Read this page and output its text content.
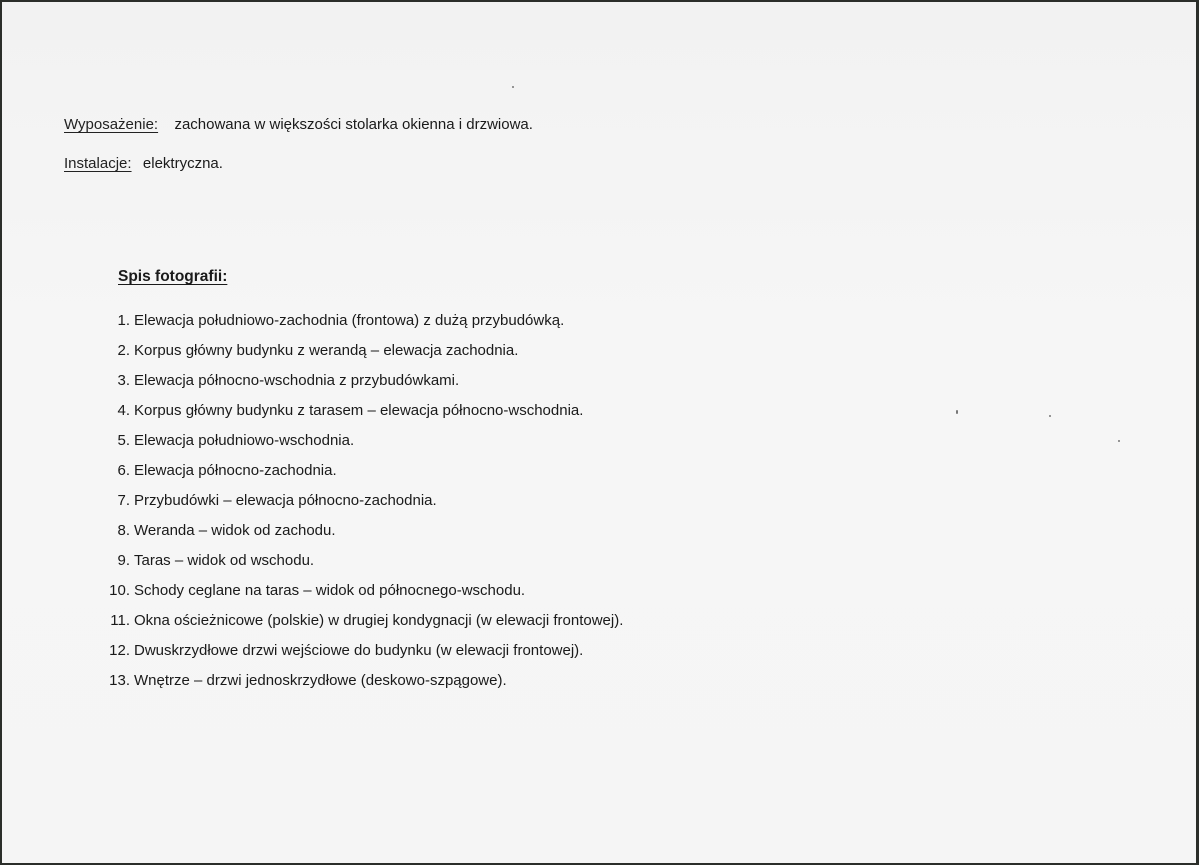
Wyposażenie: zachowana w większości stolarka okienna i drzwiowa.
Instalacje: elektryczna.
Spis fotografii:
1. Elewacja południowo-zachodnia (frontowa) z dużą przybudówką.
2. Korpus główny budynku z werandą – elewacja zachodnia.
3. Elewacja północno-wschodnia z przybudówkami.
4. Korpus główny budynku z tarasem – elewacja północno-wschodnia.
5. Elewacja południowo-wschodnia.
6. Elewacja północno-zachodnia.
7. Przybudówki – elewacja północno-zachodnia.
8. Weranda – widok od zachodu.
9. Taras – widok od wschodu.
10. Schody ceglane na taras – widok od północnego-wschodu.
11. Okna ościeżnicowe (polskie) w drugiej kondygnacji (w elewacji frontowej).
12. Dwuskrzydłowe drzwi wejściowe do budynku (w elewacji frontowej).
13. Wnętrze – drzwi jednoskrzydłowe (deskowo-szpągowe).
